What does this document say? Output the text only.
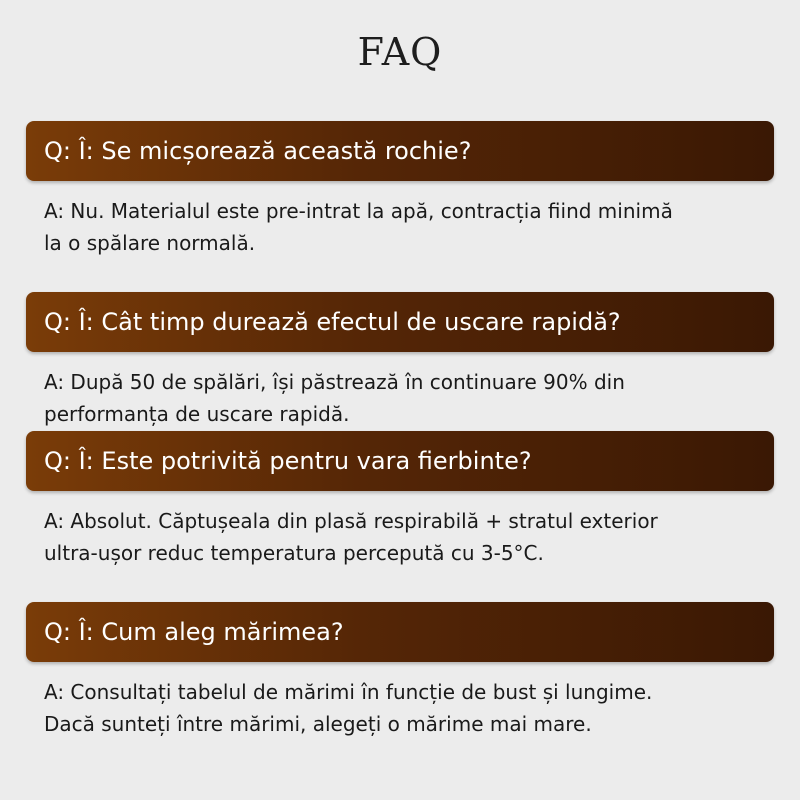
FAQ
Q: Î: Se micșorează această rochie?
A: Nu. Materialul este pre-intrat la apă, contracția fiind minimă
la o spălare normală.
Q: Î: Cât timp durează efectul de uscare rapidă?
A: După 50 de spălări, își păstrează în continuare 90% din
performanța de uscare rapidă.
Q: Î: Este potrivită pentru vara fierbinte?
A: Absolut. Căptușeala din plasă respirabilă + stratul exterior
ultra-ușor reduc temperatura percepută cu 3-5°C.
Q: Î: Cum aleg mărimea?
A: Consultați tabelul de mărimi în funcție de bust și lungime.
Dacă sunteți între mărimi, alegeți o mărime mai mare.
